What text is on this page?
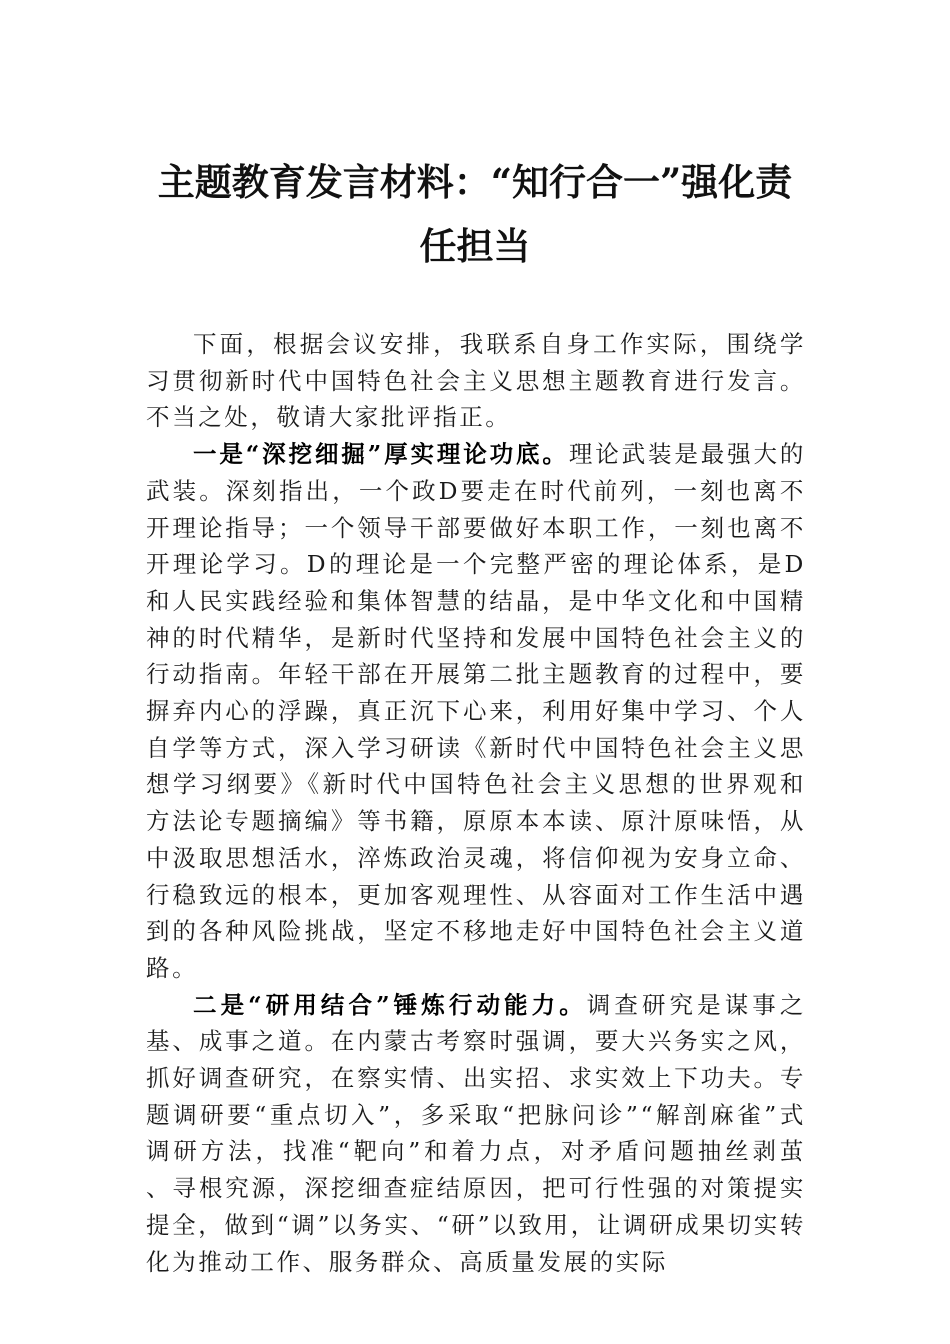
主题教育发言材料：“知行合一”强化责
任担当

下面，根据会议安排，我联系自身工作实际，围绕学习贯彻新时代中国特色社会主义思想主题教育进行发言。不当之处，敬请大家批评指正。

一是“深挖细掘”厚实理论功底。理论武装是最强大的武装。深刻指出，一个政D要走在时代前列，一刻也离不开理论指导；一个领导干部要做好本职工作，一刻也离不开理论学习。D的理论是一个完整严密的理论体系，是D和人民实践经验和集体智慧的结晶，是中华文化和中国精神的时代精华，是新时代坚持和发展中国特色社会主义的行动指南。年轻干部在开展第二批主题教育的过程中，要摒弃内心的浮躁，真正沉下心来，利用好集中学习、个人自学等方式，深入学习研读《新时代中国特色社会主义思想学习纲要》《新时代中国特色社会主义思想的世界观和方法论专题摘编》等书籍，原原本本读、原汁原味悟，从中汲取思想活水，淬炼政治灵魂，将信仰视为安身立命、行稳致远的根本，更加客观理性、从容面对工作生活中遇到的各种风险挑战，坚定不移地走好中国特色社会主义道路。

二是“研用结合”锤炼行动能力。调查研究是谋事之基、成事之道。在内蒙古考察时强调，要大兴务实之风，抓好调查研究，在察实情、出实招、求实效上下功夫。专题调研要“重点切入”，多采取“把脉问诊”“解剖麻雀”式调研方法，找准“靶向”和着力点，对矛盾问题抽丝剥茧 、寻根究源，深挖细查症结原因，把可行性强的对策提实提全，做到“调”以务实、“研”以致用，让调研成果切实转化为推动工作、服务群众、高质量发展的实际
